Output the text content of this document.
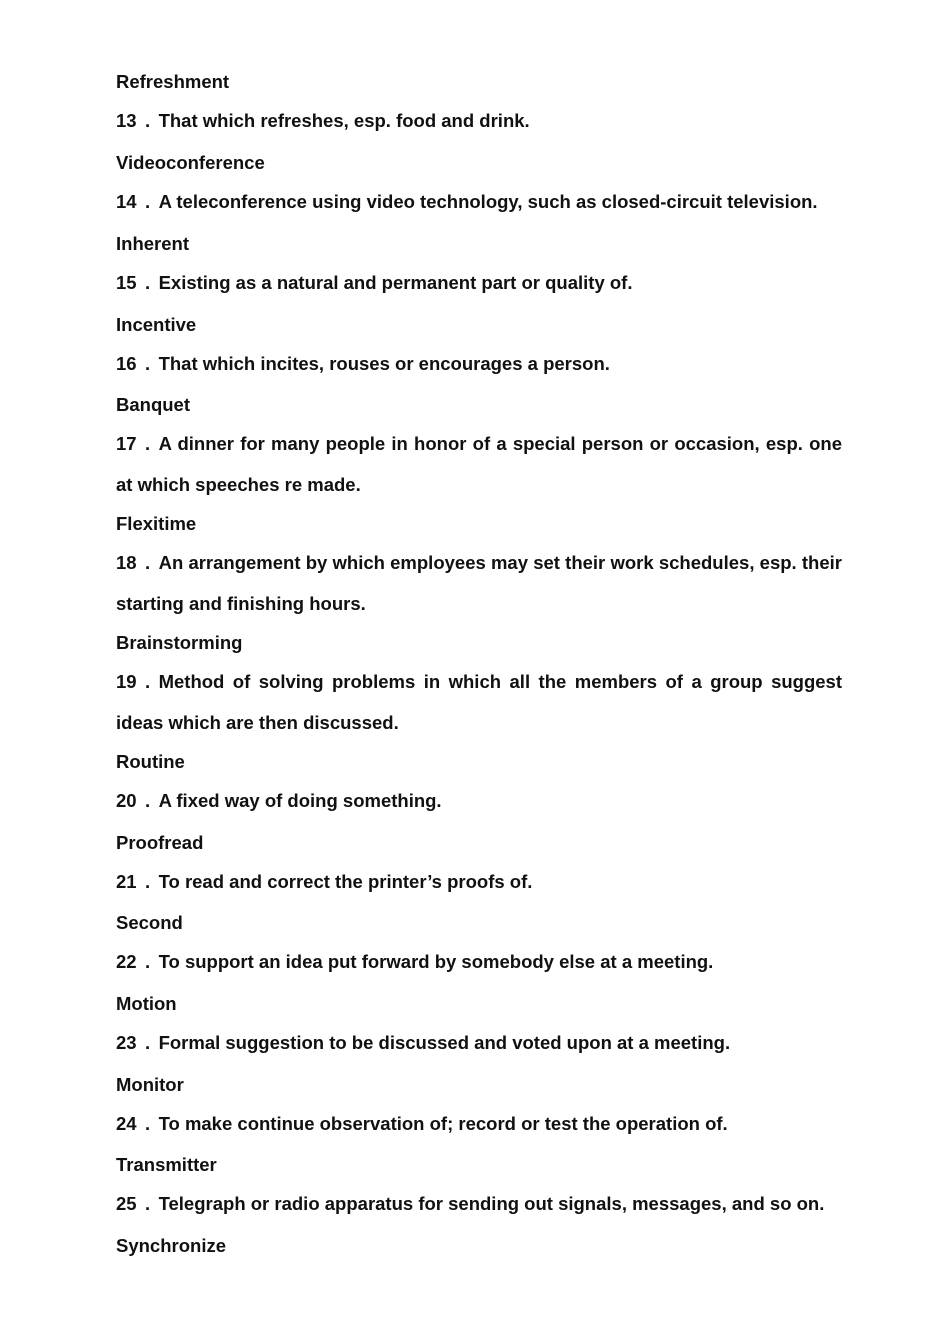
Refreshment
13 . That which refreshes, esp. food and drink.
Videoconference
14 . A teleconference using video technology, such as closed-circuit television.
Inherent
15 . Existing as a natural and permanent part or quality of.
Incentive
16 . That which incites, rouses or encourages a person.
Banquet
17 . A dinner for many people in honor of a special person or occasion, esp. one at which speeches re made.
Flexitime
18 . An arrangement by which employees may set their work schedules, esp. their starting and finishing hours.
Brainstorming
19 . Method of solving problems in which all the members of a group suggest ideas which are then discussed.
Routine
20 . A fixed way of doing something.
Proofread
21 . To read and correct the printer’s proofs of.
Second
22 . To support an idea put forward by somebody else at a meeting.
Motion
23 . Formal suggestion to be discussed and voted upon at a meeting.
Monitor
24 . To make continue observation of; record or test the operation of.
Transmitter
25 . Telegraph or radio apparatus for sending out signals, messages, and so on.
Synchronize
